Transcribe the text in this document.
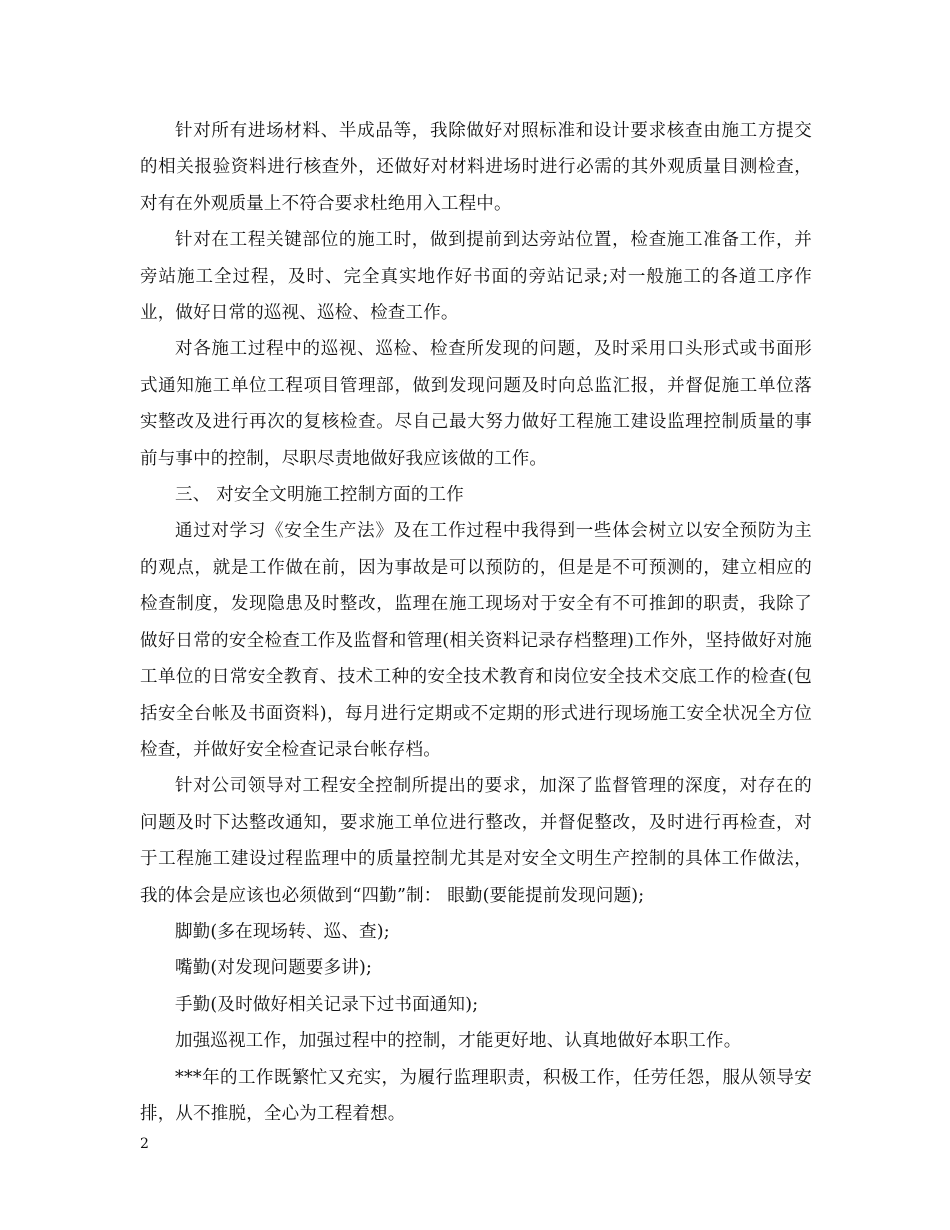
针对所有进场材料、半成品等，我除做好对照标准和设计要求核查由施工方提交的相关报验资料进行核查外，还做好对材料进场时进行必需的其外观质量目测检查，对有在外观质量上不符合要求杜绝用入工程中。

针对在工程关键部位的施工时，做到提前到达旁站位置，检查施工准备工作，并旁站施工全过程，及时、完全真实地作好书面的旁站记录;对一般施工的各道工序作业，做好日常的巡视、巡检、检查工作。

对各施工过程中的巡视、巡检、检查所发现的问题，及时采用口头形式或书面形式通知施工单位工程项目管理部，做到发现问题及时向总监汇报，并督促施工单位落实整改及进行再次的复核检查。尽自己最大努力做好工程施工建设监理控制质量的事前与事中的控制，尽职尽责地做好我应该做的工作。

三、 对安全文明施工控制方面的工作

通过对学习《安全生产法》及在工作过程中我得到一些体会树立以安全预防为主的观点，就是工作做在前，因为事故是可以预防的，但是是不可预测的，建立相应的检查制度，发现隐患及时整改，监理在施工现场对于安全有不可推卸的职责，我除了做好日常的安全检查工作及监督和管理(相关资料记录存档整理)工作外，坚持做好对施工单位的日常安全教育、技术工种的安全技术教育和岗位安全技术交底工作的检查(包括安全台帐及书面资料)，每月进行定期或不定期的形式进行现场施工安全状况全方位检查，并做好安全检查记录台帐存档。

针对公司领导对工程安全控制所提出的要求，加深了监督管理的深度，对存在的问题及时下达整改通知，要求施工单位进行整改，并督促整改，及时进行再检查，对于工程施工建设过程监理中的质量控制尤其是对安全文明生产控制的具体工作做法，我的体会是应该也必须做到“四勤”制： 眼勤(要能提前发现问题);

脚勤(多在现场转、巡、查);

嘴勤(对发现问题要多讲);

手勤(及时做好相关记录下过书面通知);

加强巡视工作，加强过程中的控制，才能更好地、认真地做好本职工作。

***年的工作既繁忙又充实，为履行监理职责，积极工作，任劳任怨，服从领导安排，从不推脱，全心为工程着想。

2
